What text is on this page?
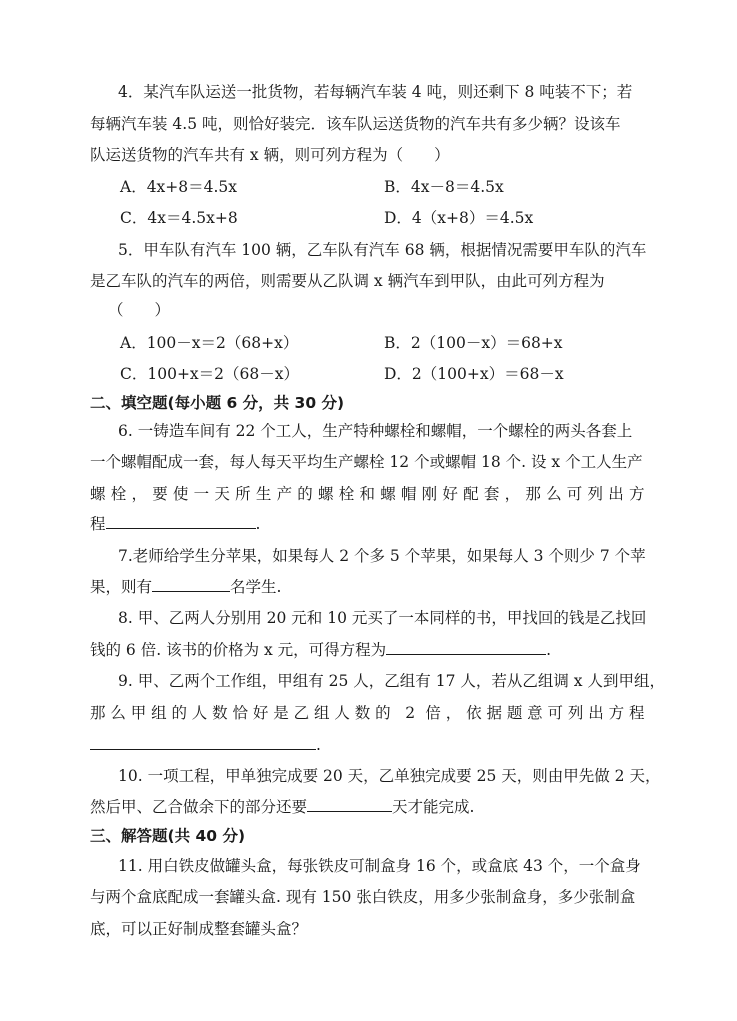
4．某汽车队运送一批货物，若每辆汽车装 4 吨，则还剩下 8 吨装不下；若
每辆汽车装 4.5 吨，则恰好装完．该车队运送货物的汽车共有多少辆？设该车
队运送货物的汽车共有 x 辆，则可列方程为（　　）
A．4x+8＝4.5x	B．4x－8＝4.5x
C．4x＝4.5x+8	D．4（x+8）＝4.5x
5．甲车队有汽车 100 辆，乙车队有汽车 68 辆，根据情况需要甲车队的汽车
是乙车队的汽车的两倍，则需要从乙队调 x 辆汽车到甲队，由此可列方程为
（　　）
A．100－x＝2（68+x）	B．2（100－x）＝68+x
C．100+x＝2（68－x）	D．2（100+x）＝68－x
二、填空题(每小题 6 分，共 30 分)
6. 一铸造车间有 22 个工人，生产特种螺栓和螺帽，一个螺栓的两头各套上
一个螺帽配成一套，每人每天平均生产螺栓 12 个或螺帽 18 个. 设 x 个工人生产
螺栓，要使一天所生产的螺栓和螺帽刚好配套，那么可列出方
程	.
7.老师给学生分苹果，如果每人 2 个多 5 个苹果，如果每人 3 个则少 7 个苹
果，则有	名学生.
8. 甲、乙两人分别用 20 元和 10 元买了一本同样的书，甲找回的钱是乙找回
钱的 6 倍. 该书的价格为 x 元，可得方程为	.
9. 甲、乙两个工作组，甲组有 25 人，乙组有 17 人，若从乙组调 x 人到甲组，
那么甲组的人数恰好是乙组人数的 2 倍，依据题意可列出方程
.
10. 一项工程，甲单独完成要 20 天，乙单独完成要 25 天，则由甲先做 2 天，
然后甲、乙合做余下的部分还要	天才能完成.
三、解答题(共 40 分)
11. 用白铁皮做罐头盒，每张铁皮可制盒身 16 个，或盒底 43 个，一个盒身
与两个盒底配成一套罐头盒. 现有 150 张白铁皮，用多少张制盒身，多少张制盒
底，可以正好制成整套罐头盒？
